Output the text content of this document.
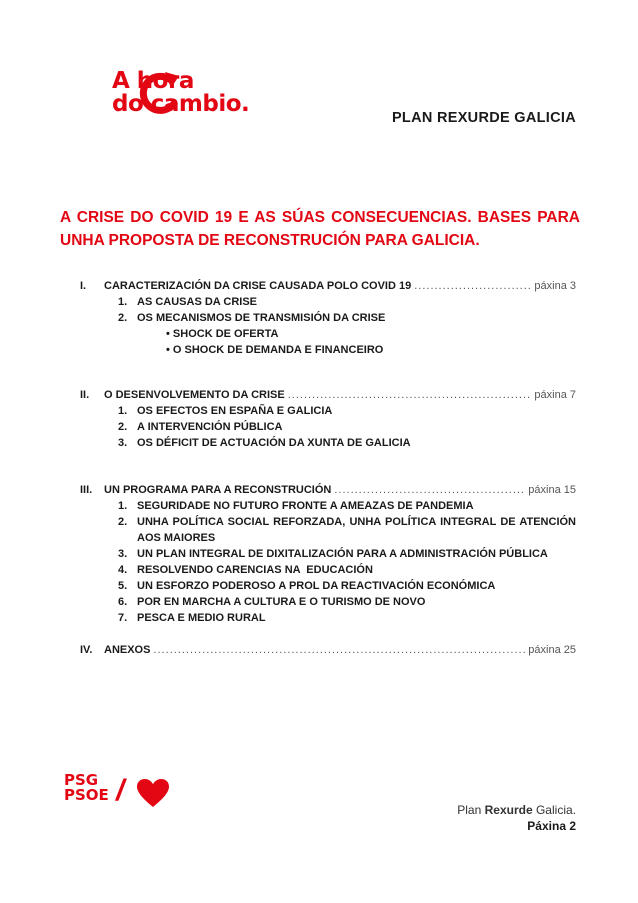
A hora
do cambio.
PLAN REXURDE GALICIA
A CRISE DO COVID 19 E AS SÚAS CONSECUENCIAS. BASES PARA UNHA PROPOSTA DE RECONSTRUCIÓN PARA GALICIA.
I.	CARACTERIZACIÓN DA CRISE CAUSADA POLO COVID 19 .....	páxina 3
1. AS CAUSAS DA CRISE
2. OS MECANISMOS DE TRANSMISIÓN DA CRISE
• SHOCK DE OFERTA
• O SHOCK DE DEMANDA E FINANCEIRO
II.	O DESENVOLVEMENTO DA CRISE .....	páxina 7
1. OS EFECTOS EN ESPAÑA E GALICIA
2. A INTERVENCIÓN PÚBLICA
3. OS DÉFICIT DE ACTUACIÓN DA XUNTA DE GALICIA
III.	UN PROGRAMA PARA A RECONSTRUCIÓN .....	páxina 15
1. SEGURIDADE NO FUTURO FRONTE A AMEAZAS DE PANDEMIA
2. UNHA POLÍTICA SOCIAL REFORZADA, UNHA POLÍTICA INTEGRAL DE ATENCIÓN AOS MAIORES
3. UN PLAN INTEGRAL DE DIXITALIZACIÓN PARA A ADMINISTRACIÓN PÚBLICA
4. RESOLVENDO CARENCIAS NA  EDUCACIÓN
5. UN ESFORZO PODEROSO A PROL DA REACTIVACIÓN ECONÓMICA
6. POR EN MARCHA A CULTURA E O TURISMO DE NOVO
7. PESCA E MEDIO RURAL
IV.	ANEXOS .....	páxina 25
PSG
PSOE /
Plan Rexurde Galicia.
Páxina 2
